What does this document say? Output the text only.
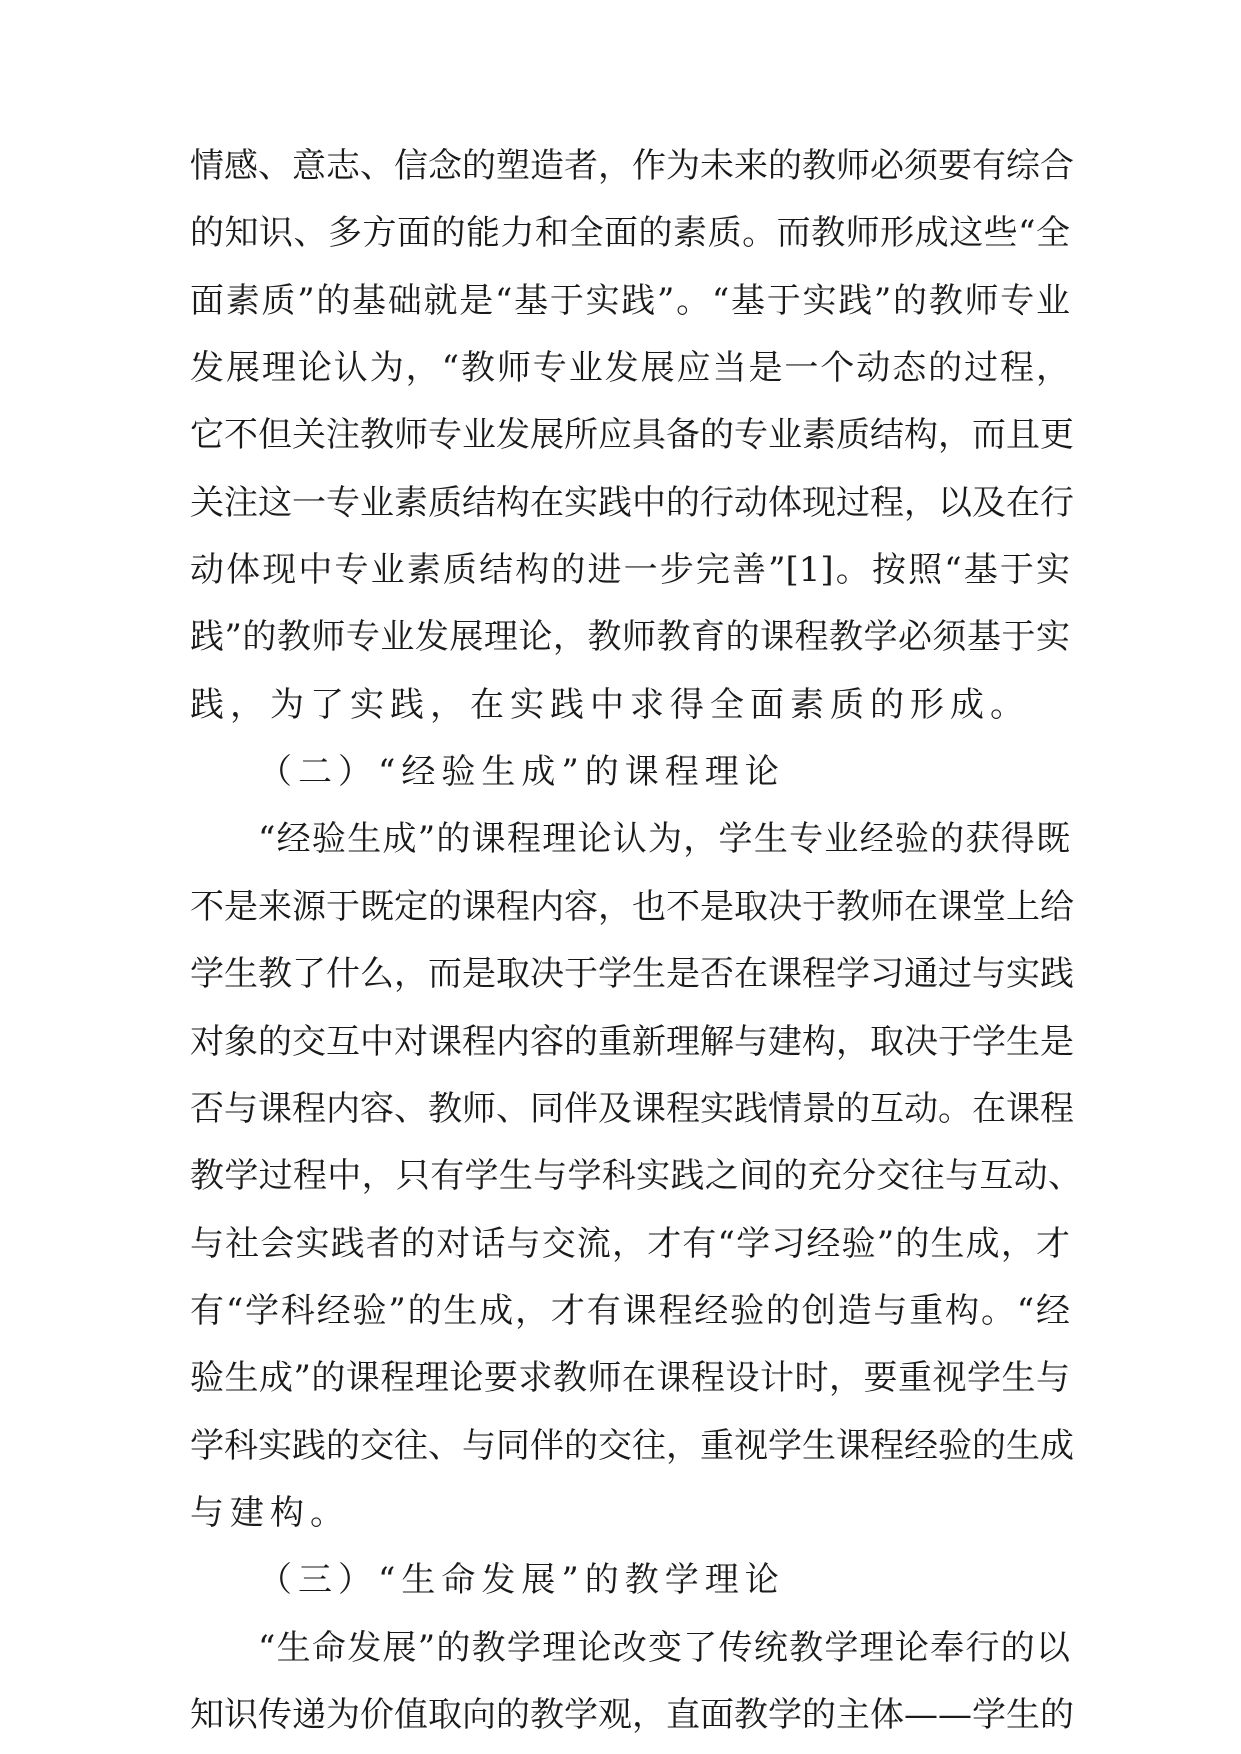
情感、意志、信念的塑造者，作为未来的教师必须要有综合
的知识、多方面的能力和全面的素质。而教师形成这些“全
面素质”的基础就是“基于实践”。“基于实践”的教师专业
发展理论认为，“教师专业发展应当是一个动态的过程，
它不但关注教师专业发展所应具备的专业素质结构，而且更
关注这一专业素质结构在实践中的行动体现过程，以及在行
动体现中专业素质结构的进一步完善”[1]。按照“基于实
践”的教师专业发展理论，教师教育的课程教学必须基于实
践，为了实践，在实践中求得全面素质的形成。
（二）“经验生成”的课程理论
“经验生成”的课程理论认为，学生专业经验的获得既
不是来源于既定的课程内容，也不是取决于教师在课堂上给
学生教了什么，而是取决于学生是否在课程学习通过与实践
对象的交互中对课程内容的重新理解与建构，取决于学生是
否与课程内容、教师、同伴及课程实践情景的互动。在课程
教学过程中，只有学生与学科实践之间的充分交往与互动、
与社会实践者的对话与交流，才有“学习经验”的生成，才
有“学科经验”的生成，才有课程经验的创造与重构。“经
验生成”的课程理论要求教师在课程设计时，要重视学生与
学科实践的交往、与同伴的交往，重视学生课程经验的生成
与建构。
（三）“生命发展”的教学理论
“生命发展”的教学理论改变了传统教学理论奉行的以
知识传递为价值取向的教学观，直面教学的主体——学生的
